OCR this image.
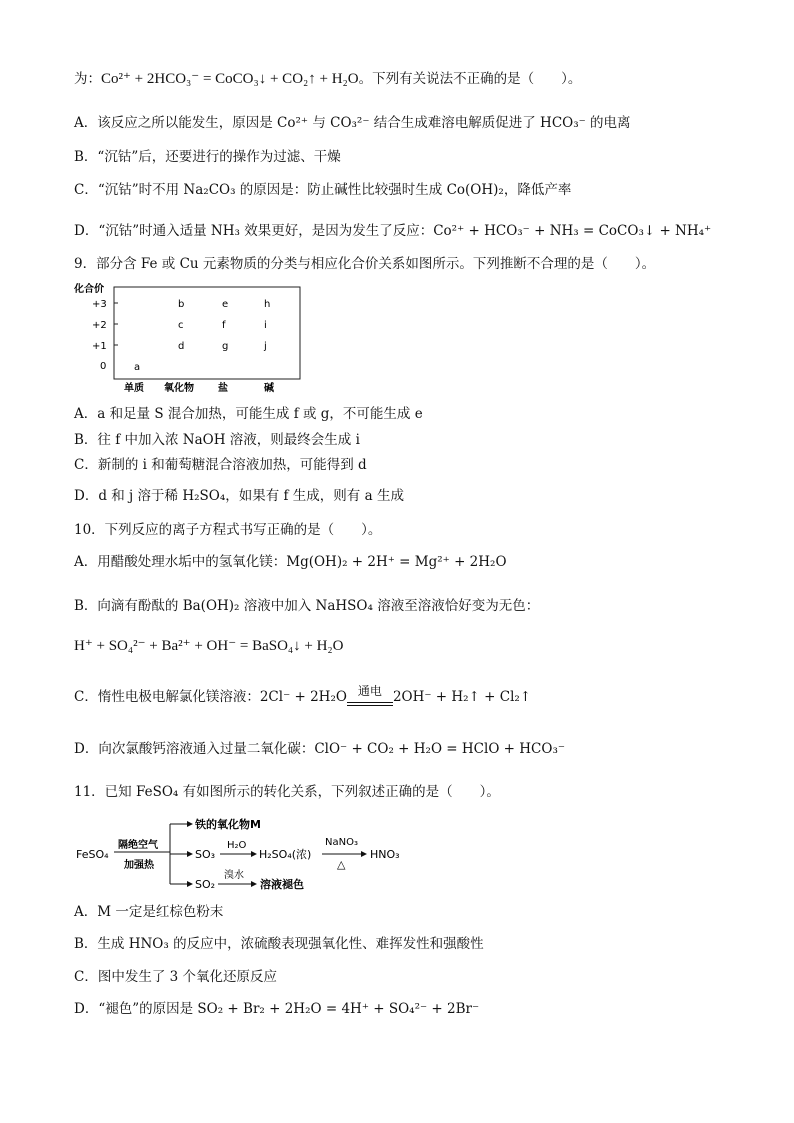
为：Co²⁺ + 2HCO₃⁻ = CoCO₃↓ + CO₂↑ + H₂O。下列有关说法不正确的是（　　）。
A．该反应之所以能发生，原因是 Co²⁺ 与 CO₃²⁻ 结合生成难溶电解质促进了 HCO₃⁻ 的电离
B．“沉钴”后，还要进行的操作为过滤、干燥
C．“沉钴”时不用 Na₂CO₃ 的原因是：防止碱性比较强时生成 Co(OH)₂，降低产率
D．“沉钴”时通入适量 NH₃ 效果更好，是因为发生了反应：Co²⁺ + HCO₃⁻ + NH₃ = CoCO₃↓ + NH₄⁺
9．部分含 Fe 或 Cu 元素物质的分类与相应化合价关系如图所示。下列推断不合理的是（　　）。
化合价
+3
+2
+1
0
b	e	h
c	f	i
d	g	j
a
单质 氧化物 盐	碱
A．a 和足量 S 混合加热，可能生成 f 或 g，不可能生成 e
B．往 f 中加入浓 NaOH 溶液，则最终会生成 i
C．新制的 i 和葡萄糖混合溶液加热，可能得到 d
D．d 和 j 溶于稀 H₂SO₄，如果有 f 生成，则有 a 生成
10．下列反应的离子方程式书写正确的是（　　）。
A．用醋酸处理水垢中的氢氧化镁：Mg(OH)₂ + 2H⁺ = Mg²⁺ + 2H₂O
B．向滴有酚酞的 Ba(OH)₂ 溶液中加入 NaHSO₄ 溶液至溶液恰好变为无色：
H⁺ + SO₄²⁻ + Ba²⁺ + OH⁻ = BaSO₄↓ + H₂O
C．惰性电极电解氯化镁溶液：2Cl⁻ + 2H₂O 通电 2OH⁻ + H₂↑ + Cl₂↑
D．向次氯酸钙溶液通入过量二氧化碳：ClO⁻ + CO₂ + H₂O = HClO + HCO₃⁻
11．已知 FeSO₄ 有如图所示的转化关系，下列叙述正确的是（　　）。
FeSO₄
隔绝空气
加强热
铁的氧化物M
SO₃
H₂O
H₂SO₄(浓)
NaNO₃
△
HNO₃
SO₂
溴水
溶液褪色
A．M 一定是红棕色粉末
B．生成 HNO₃ 的反应中，浓硫酸表现强氧化性、难挥发性和强酸性
C．图中发生了 3 个氧化还原反应
D．“褪色”的原因是 SO₂ + Br₂ + 2H₂O = 4H⁺ + SO₄²⁻ + 2Br⁻
